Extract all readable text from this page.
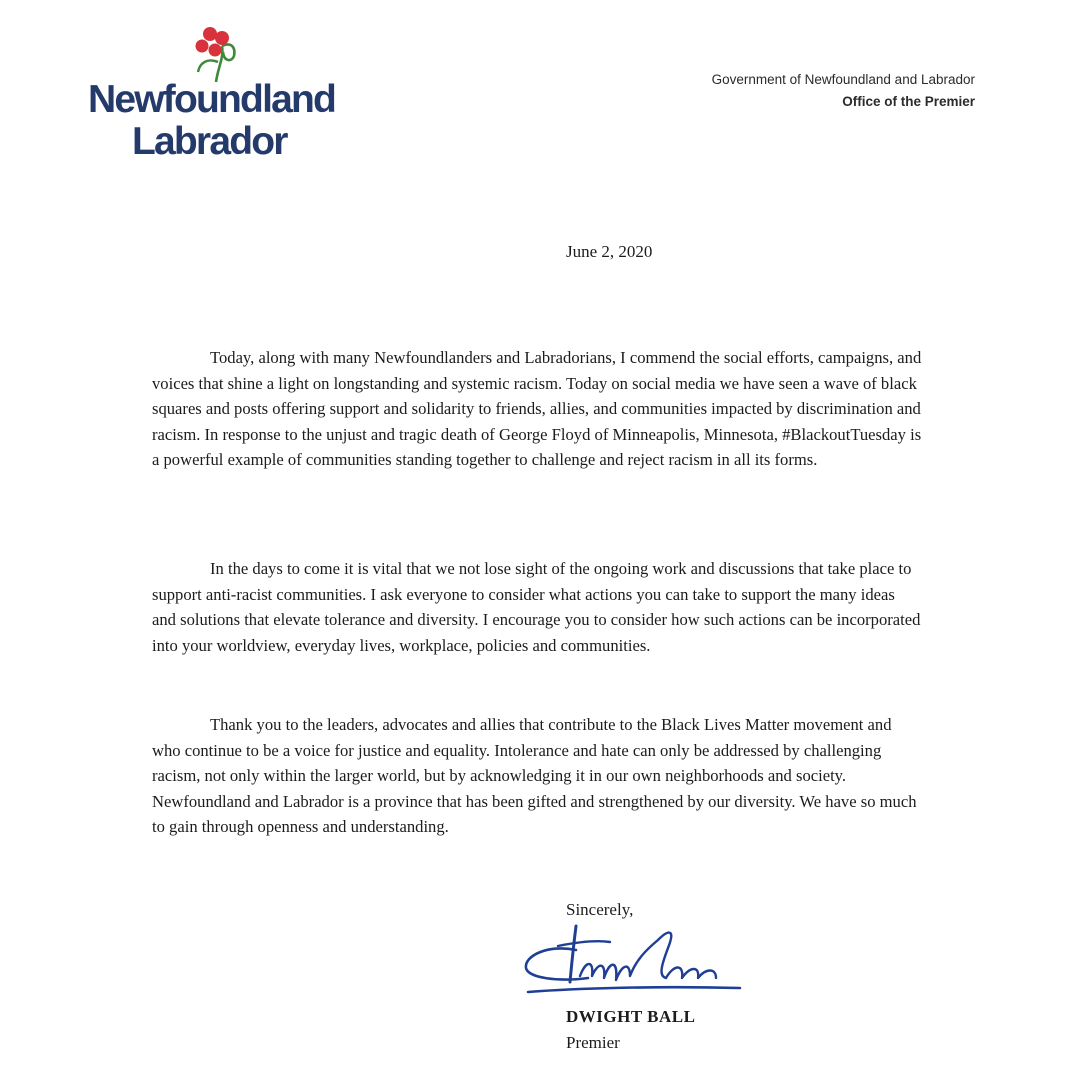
Newfoundland
Labrador
Government of Newfoundland and Labrador
Office of the Premier
June 2, 2020

Today, along with many Newfoundlanders and Labradorians, I commend the social efforts, campaigns, and voices that shine a light on longstanding and systemic racism. Today on social media we have seen a wave of black squares and posts offering support and solidarity to friends, allies, and communities impacted by discrimination and racism. In response to the unjust and tragic death of George Floyd of Minneapolis, Minnesota, #BlackoutTuesday is a powerful example of communities standing together to challenge and reject racism in all its forms.

In the days to come it is vital that we not lose sight of the ongoing work and discussions that take place to support anti-racist communities. I ask everyone to consider what actions you can take to support the many ideas and solutions that elevate tolerance and diversity. I encourage you to consider how such actions can be incorporated into your worldview, everyday lives, workplace, policies and communities.

Thank you to the leaders, advocates and allies that contribute to the Black Lives Matter movement and who continue to be a voice for justice and equality. Intolerance and hate can only be addressed by challenging racism, not only within the larger world, but by acknowledging it in our own neighborhoods and society. Newfoundland and Labrador is a province that has been gifted and strengthened by our diversity. We have so much to gain through openness and understanding.

Sincerely,
DWIGHT BALL
Premier
